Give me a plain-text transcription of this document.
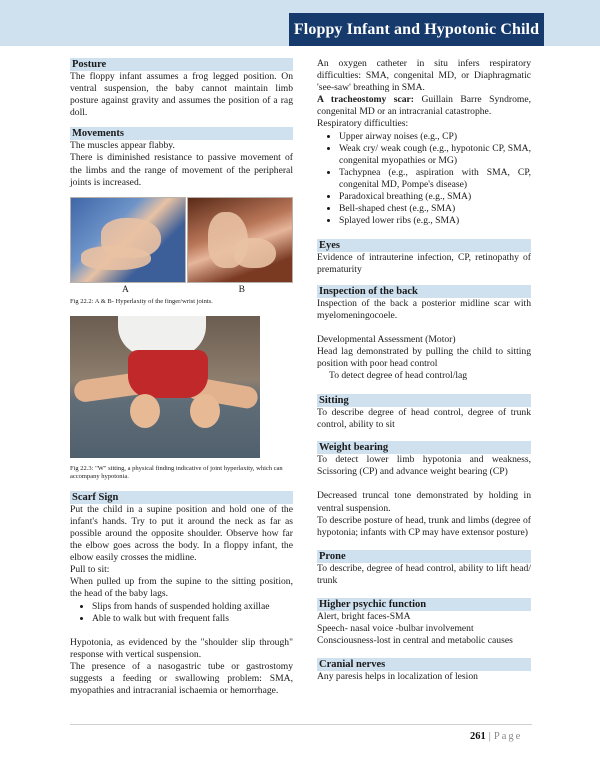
Floppy Infant and Hypotonic Child
Posture

The floppy infant assumes a frog legged position. On ventral suspension, the baby cannot maintain limb posture against gravity and assumes the position of a rag doll.

Movements

The muscles appear flabby.

There is diminished resistance to passive movement of the limbs and the range of movement of the peripheral joints is increased.

A	B
Fig 22.2: A & B- Hyperlaxity of the finger/wrist joints.
Fig 22.3: "W" sitting, a physical finding indicative of joint hyperlaxity, which can accompany hypotonia.
Scarf Sign

Put the child in a supine position and hold one of the infant's hands. Try to put it around the neck as far as possible around the opposite shoulder. Observe how far the elbow goes across the body. In a floppy infant, the elbow easily crosses the midline.

Pull to sit:

When pulled up from the supine to the sitting position, the head of the baby lags.

• Slips from hands of suspended holding axillae
• Able to walk but with frequent falls

Hypotonia, as evidenced by the "shoulder slip through" response with vertical suspension.

The presence of a nasogastric tube or gastrostomy suggests a feeding or swallowing problem: SMA, myopathies and intracranial ischaemia or hemorrhage.

An oxygen catheter in situ infers respiratory difficulties: SMA, congenital MD, or Diaphragmatic 'see-saw' breathing in SMA.

A tracheostomy scar: Guillain Barre Syndrome, congenital MD or an intracranial catastrophe.

Respiratory difficulties:

• Upper airway noises (e.g., CP)
• Weak cry/ weak cough (e.g., hypotonic CP, SMA, congenital myopathies or MG)
• Tachypnea (e.g., aspiration with SMA, CP, congenital MD, Pompe's disease)
• Paradoxical breathing (e.g., SMA)
• Bell-shaped chest (e.g., SMA)
• Splayed lower ribs (e.g., SMA)
Eyes

Evidence of intrauterine infection, CP, retinopathy of prematurity

Inspection of the back

Inspection of the back a posterior midline scar with myelomeningocoele.

Developmental Assessment (Motor)

Head lag demonstrated by pulling the child to sitting position with poor head control

To detect degree of head control/lag

Sitting

To describe degree of head control, degree of trunk control, ability to sit

Weight bearing

To detect lower limb hypotonia and weakness, Scissoring (CP) and advance weight bearing (CP)

Decreased truncal tone demonstrated by holding in ventral suspension.

To describe posture of head, trunk and limbs (degree of hypotonia; infants with CP may have extensor posture)

Prone

To describe, degree of head control, ability to lift head/ trunk

Higher psychic function

Alert, bright faces-SMA

Speech- nasal voice -bulbar involvement

Consciousness-lost in central and metabolic causes

Cranial nerves

Any paresis helps in localization of lesion

261 | Page
